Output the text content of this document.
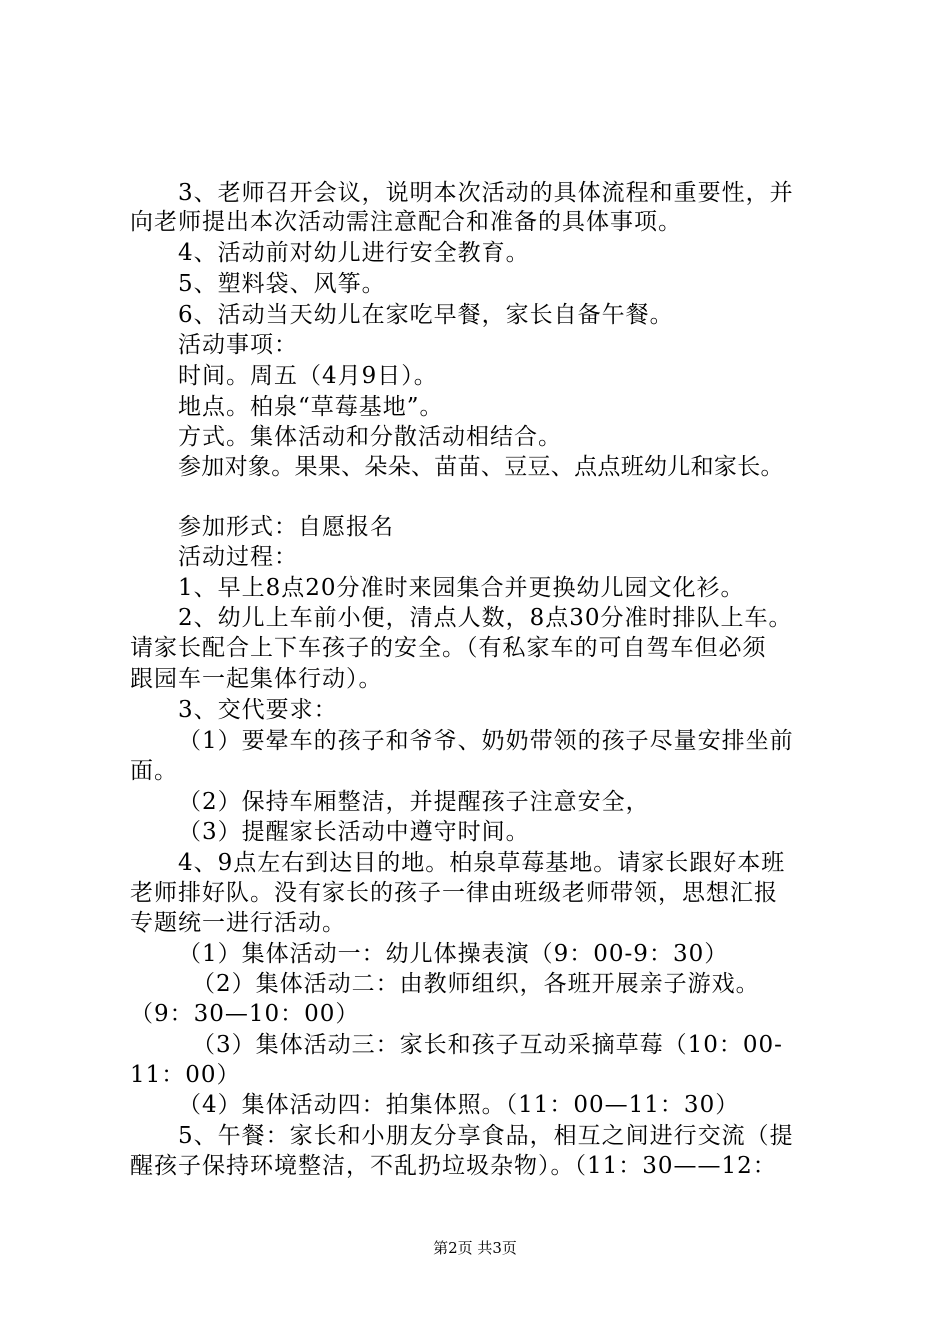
3、老师召开会议，说明本次活动的具体流程和重要性，并
向老师提出本次活动需注意配合和准备的具体事项。
4、活动前对幼儿进行安全教育。
5、塑料袋、风筝。
6、活动当天幼儿在家吃早餐，家长自备午餐。
活动事项：
时间。周五（4月9日）。
地点。柏泉“草莓基地”。
方式。集体活动和分散活动相结合。
参加对象。果果、朵朵、苗苗、豆豆、点点班幼儿和家长。
参加形式：自愿报名
活动过程：
1、早上8点20分准时来园集合并更换幼儿园文化衫。
2、幼儿上车前小便，清点人数，8点30分准时排队上车。
请家长配合上下车孩子的安全。（有私家车的可自驾车但必须
跟园车一起集体行动）。
3、交代要求：
（1）要晕车的孩子和爷爷、奶奶带领的孩子尽量安排坐前
面。
（2）保持车厢整洁，并提醒孩子注意安全，
（3）提醒家长活动中遵守时间。
4、9点左右到达目的地。柏泉草莓基地。请家长跟好本班
老师排好队。没有家长的孩子一律由班级老师带领，思想汇报
专题统一进行活动。
（1）集体活动一：幼儿体操表演（9：00-9：30）
（2）集体活动二：由教师组织，各班开展亲子游戏。
（9：30—10：00）
（3）集体活动三：家长和孩子互动采摘草莓（10：00-
11：00）
（4）集体活动四：拍集体照。（11：00—11：30）
5、午餐：家长和小朋友分享食品，相互之间进行交流（提
醒孩子保持环境整洁，不乱扔垃圾杂物）。（11：30——12：
第2页 共3页
